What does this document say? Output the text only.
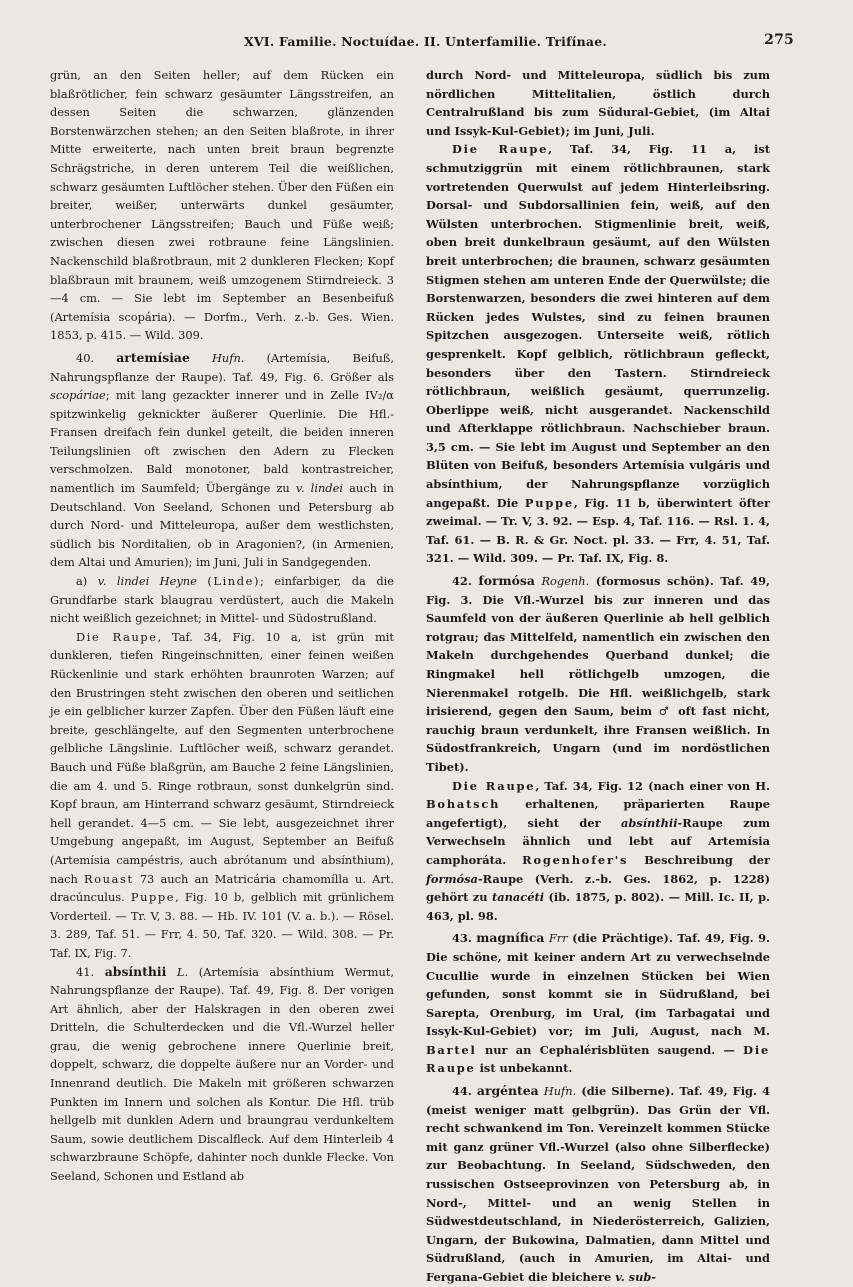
XVI. Familie. Noctuídae. II. Unterfamilie. Trifínae.	275

grün, an den Seiten heller; auf dem Rücken ein blaßrötlicher, fein schwarz gesäumter Längsstreifen, an dessen Seiten die schwarzen, glänzenden Borstenwärzchen stehen; an den Seiten blaßrote, in ihrer Mitte erweiterte, nach unten breit braun begrenzte Schrägstriche, in deren unterem Teil die weißlichen, schwarz gesäumten Luftlöcher stehen. Über den Füßen ein breiter, weißer, unterwärts dunkel gesäumter, unterbrochener Längsstreifen; Bauch und Füße weiß; zwischen diesen zwei rotbraune feine Längslinien. Nackenschild blaßrotbraun, mit 2 dunkleren Flecken; Kopf blaßbraun mit braunem, weiß umzogenem Stirndreieck. 3—4 cm. — Sie lebt im September an Besenbeifuß (Artemísia scopária). — Dorfm., Verh. z.-b. Ges. Wien. 1853, p. 415. — Wild. 309.

40. artemísiae Hufn. (Artemísia, Beifuß, Nahrungspflanze der Raupe). Taf. 49, Fig. 6. Größer als scopáriae; mit lang gezackter innerer und in Zelle IV₂/α spitzwinkelig geknickter äußerer Querlinie. Die Hfl.-Fransen dreifach fein dunkel geteilt, die beiden inneren Teilungslinien oft zwischen den Adern zu Flecken verschmolzen. Bald monotoner, bald kontrastreicher, namentlich im Saumfeld; Übergänge zu v. lindei auch in Deutschland. Von Seeland, Schonen und Petersburg ab durch Nord- und Mitteleuropa, außer dem westlichsten, südlich bis Norditalien, ob in Aragonien?, (in Armenien, dem Altai und Amurien); im Juni, Juli in Sandgegenden.

a) v. lindei Heyne (Linde); einfarbiger, da die Grundfarbe stark blaugrau verdüstert, auch die Makeln nicht weißlich gezeichnet; in Mittel- und Südostrußland.

Die Raupe, Taf. 34, Fig. 10 a, ist grün mit dunkleren, tiefen Ringeinschnitten, einer feinen weißen Rückenlinie und stark erhöhten braunroten Warzen; auf den Brustringen steht zwischen den oberen und seitlichen je ein gelblicher kurzer Zapfen. Über den Füßen läuft eine breite, geschlängelte, auf den Segmenten unterbrochene gelbliche Längslinie. Luftlöcher weiß, schwarz gerandet. Bauch und Füße blaßgrün, am Bauche 2 feine Längslinien, die am 4. und 5. Ringe rotbraun, sonst dunkelgrün sind. Kopf braun, am Hinterrand schwarz gesäumt, Stirndreieck hell gerandet. 4—5 cm. — Sie lebt, ausgezeichnet ihrer Umgebung angepaßt, im August, September an Beifuß (Artemísia campéstris, auch abrótanum und absínthium), nach Rouast 73 auch an Matricária chamomílla u. Art. dracúnculus. Puppe, Fig. 10 b, gelblich mit grünlichem Vorderteil. — Tr. V, 3. 88. — Hb. IV. 101 (V. a. b.). — Rösel. 3. 289, Taf. 51. — Frr, 4. 50, Taf. 320. — Wild. 308. — Pr. Taf. IX, Fig. 7.

41. absínthii L. (Artemísia absínthium Wermut, Nahrungspflanze der Raupe). Taf. 49, Fig. 8. Der vorigen Art ähnlich, aber der Halskragen in den oberen zwei Dritteln, die Schulterdecken und die Vfl.-Wurzel heller grau, die wenig gebrochene innere Querlinie breit, doppelt, schwarz, die doppelte äußere nur an Vorder- und Innenrand deutlich. Die Makeln mit größeren schwarzen Punkten im Innern und solchen als Kontur. Die Hfl. trüb hellgelb mit dunklen Adern und braungrau verdunkeltem Saum, sowie deutlichem Discalfleck. Auf dem Hinterleib 4 schwarzbraune Schöpfe, dahinter noch dunkle Flecke. Von Seeland, Schonen und Estland ab

durch Nord- und Mitteleuropa, südlich bis zum nördlichen Mittelitalien, östlich durch Centralrußland bis zum Südural-Gebiet, (im Altai und Issyk-Kul-Gebiet); im Juni, Juli.

Die Raupe, Taf. 34, Fig. 11 a, ist schmutziggrün mit einem rötlichbraunen, stark vortretenden Querwulst auf jedem Hinterleibsring. Dorsal- und Subdorsallinien fein, weiß, auf den Wülsten unterbrochen. Stigmenlinie breit, weiß, oben breit dunkelbraun gesäumt, auf den Wülsten breit unterbrochen; die braunen, schwarz gesäumten Stigmen stehen am unteren Ende der Querwülste; die Borstenwarzen, besonders die zwei hinteren auf dem Rücken jedes Wulstes, sind zu feinen braunen Spitzchen ausgezogen. Unterseite weiß, rötlich gesprenkelt. Kopf gelblich, rötlichbraun gefleckt, besonders über den Tastern. Stirndreieck rötlichbraun, weißlich gesäumt, querrunzelig. Oberlippe weiß, nicht ausgerandet. Nackenschild und Afterklappe rötlichbraun. Nachschieber braun. 3,5 cm. — Sie lebt im August und September an den Blüten von Beifuß, besonders Artemísia vulgáris und absínthium, der Nahrungspflanze vorzüglich angepaßt. Die Puppe, Fig. 11 b, überwintert öfter zweimal. — Tr. V, 3. 92. — Esp. 4, Taf. 116. — Rsl. 1. 4, Taf. 61. — B. R. & Gr. Noct. pl. 33. — Frr, 4. 51, Taf. 321. — Wild. 309. — Pr. Taf. IX, Fig. 8.

42. formósa Rogenh. (formosus schön). Taf. 49, Fig. 3. Die Vfl.-Wurzel bis zur inneren und das Saumfeld von der äußeren Querlinie ab hell gelblich rotgrau; das Mittelfeld, namentlich ein zwischen den Makeln durchgehendes Querband dunkel; die Ringmakel hell rötlichgelb umzogen, die Nierenmakel rotgelb. Die Hfl. weißlichgelb, stark irisierend, gegen den Saum, beim ♂ oft fast nicht, rauchig braun verdunkelt, ihre Fransen weißlich. In Südostfrankreich, Ungarn (und im nordöstlichen Tibet).

Die Raupe, Taf. 34, Fig. 12 (nach einer von H. Bohatsch erhaltenen, präparierten Raupe angefertigt), sieht der absínthii-Raupe zum Verwechseln ähnlich und lebt auf Artemísia camphoráta. Rogenhofer's Beschreibung der formósa-Raupe (Verh. z.-b. Ges. 1862, p. 1228) gehört zu tanacéti (ib. 1875, p. 802). — Mill. Ic. II, p. 463, pl. 98.

43. magnífica Frr (die Prächtige). Taf. 49, Fig. 9. Die schöne, mit keiner andern Art zu verwechselnde Cucullie wurde in einzelnen Stücken bei Wien gefunden, sonst kommt sie in Südrußland, bei Sarepta, Orenburg, im Ural, (im Tarbagatai und Issyk-Kul-Gebiet) vor; im Juli, August, nach M. Bartel nur an Cephalérisblüten saugend. — Die Raupe ist unbekannt.

44. argéntea Hufn. (die Silberne). Taf. 49, Fig. 4 (meist weniger matt gelbgrün). Das Grün der Vfl. recht schwankend im Ton. Vereinzelt kommen Stücke mit ganz grüner Vfl.-Wurzel (also ohne Silberflecke) zur Beobachtung. In Seeland, Südschweden, den russischen Ostseeprovinzen von Petersburg ab, in Nord-, Mittel- und an wenig Stellen in Südwestdeutschland, in Niederösterreich, Galizien, Ungarn, der Bukowina, Dalmatien, dann Mittel und Südrußland, (auch in Amurien, im Altai- und Fergana-Gebiet die bleichere v. sub-
